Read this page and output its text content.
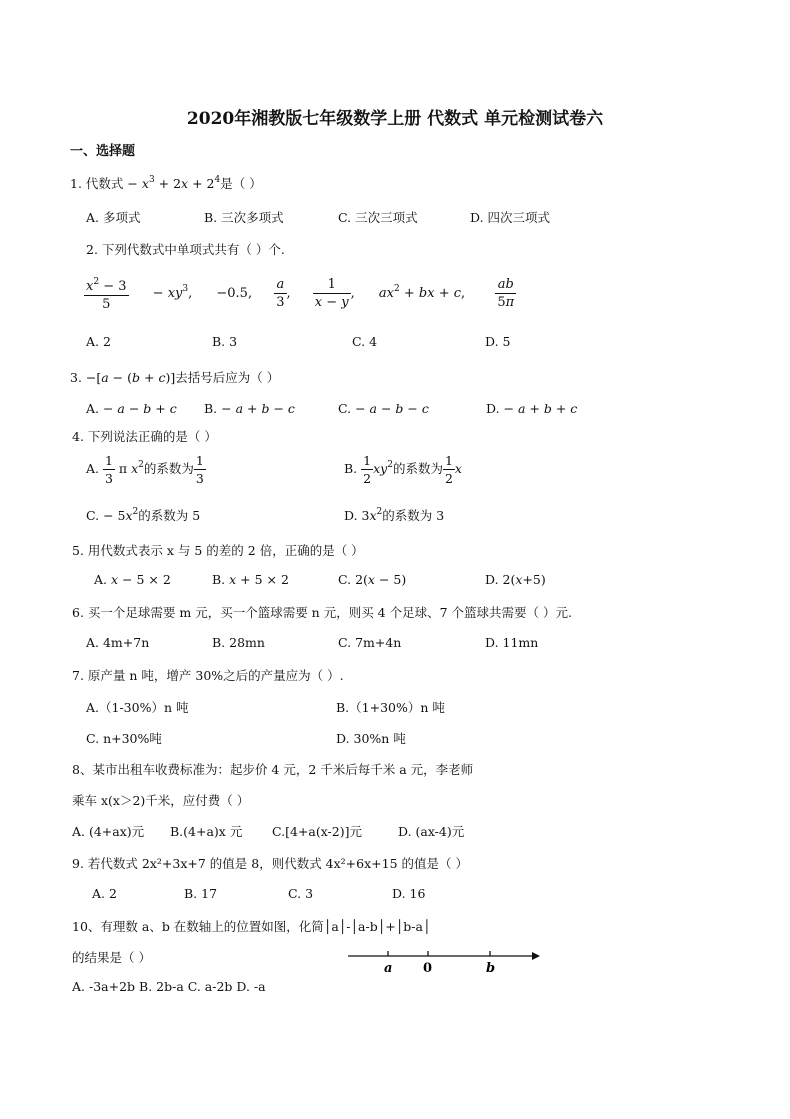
2020年湘教版七年级数学上册 代数式 单元检测试卷六
一、选择题
1. 代数式 − $x^3 + 2x + 2^4$是（ ）
A. 多项式	B. 三次多项式	C. 三次三项式	D. 四次三项式
2. 下列代数式中单项式共有（ ）个.
$\frac{x^2 - 3}{5} - xy^3$, −0.5, $\frac{a}{3}$ , $\frac{1}{x - y}$ , $ax^2$ + bx + c, $\frac{ab}{5\pi}$
A. 2	B. 3	C. 4	D. 5
3. −[a − (b + c)]去括号后应为（ ）
A. − a − b + c B. − a + b − c	C. − a − b − c	D. − a + b + c
4. 下列说法正确的是（ ）
A. $\frac{1}{3}$ π $x^2$的系数为 $\frac{1}{3}$	B. $\frac{1}{2} xy^2$的系数为 $\frac{1}{2}$ x
C. − $5x^2$的系数为 5	D. $3x^2$的系数为 3
5. 用代数式表示 x 与 5 的差的 2 倍，正确的是（ ）
A. x − 5 × 2	B. x + 5 × 2	C. 2(x − 5)	D. 2(x+5)
6. 买一个足球需要 m 元，买一个篮球需要 n 元，则买 4 个足球、7 个篮球共需要（ ）元.
A. 4m+7n	B. 28mn	C. 7m+4n	D. 11mn
7. 原产量 n 吨，增产 30%之后的产量应为（ ）.
A.（1-30%）n 吨	B.（1+30%）n 吨
C. n+30%吨	D. 30%n 吨
8、某市出租车收费标准为：起步价 4 元，2 千米后每千米 a 元，李老师
乘车 x(x＞2)千米，应付费（ ）
A. (4+ax)元 B.(4+a)x 元 C.[4+a(x-2)]元	D. (ax-4)元
9. 若代数式 2x²+3x+7 的值是 8，则代数式 4x²+6x+15 的值是（ ）
A. 2	B. 17	C. 3	D. 16
10、有理数 a、b 在数轴上的位置如图，化简│a│-│a-b│+│b-a│
的结果是（ ）
A. -3a+2b B. 2b-a C. a-2b D. -a
a 0	b
